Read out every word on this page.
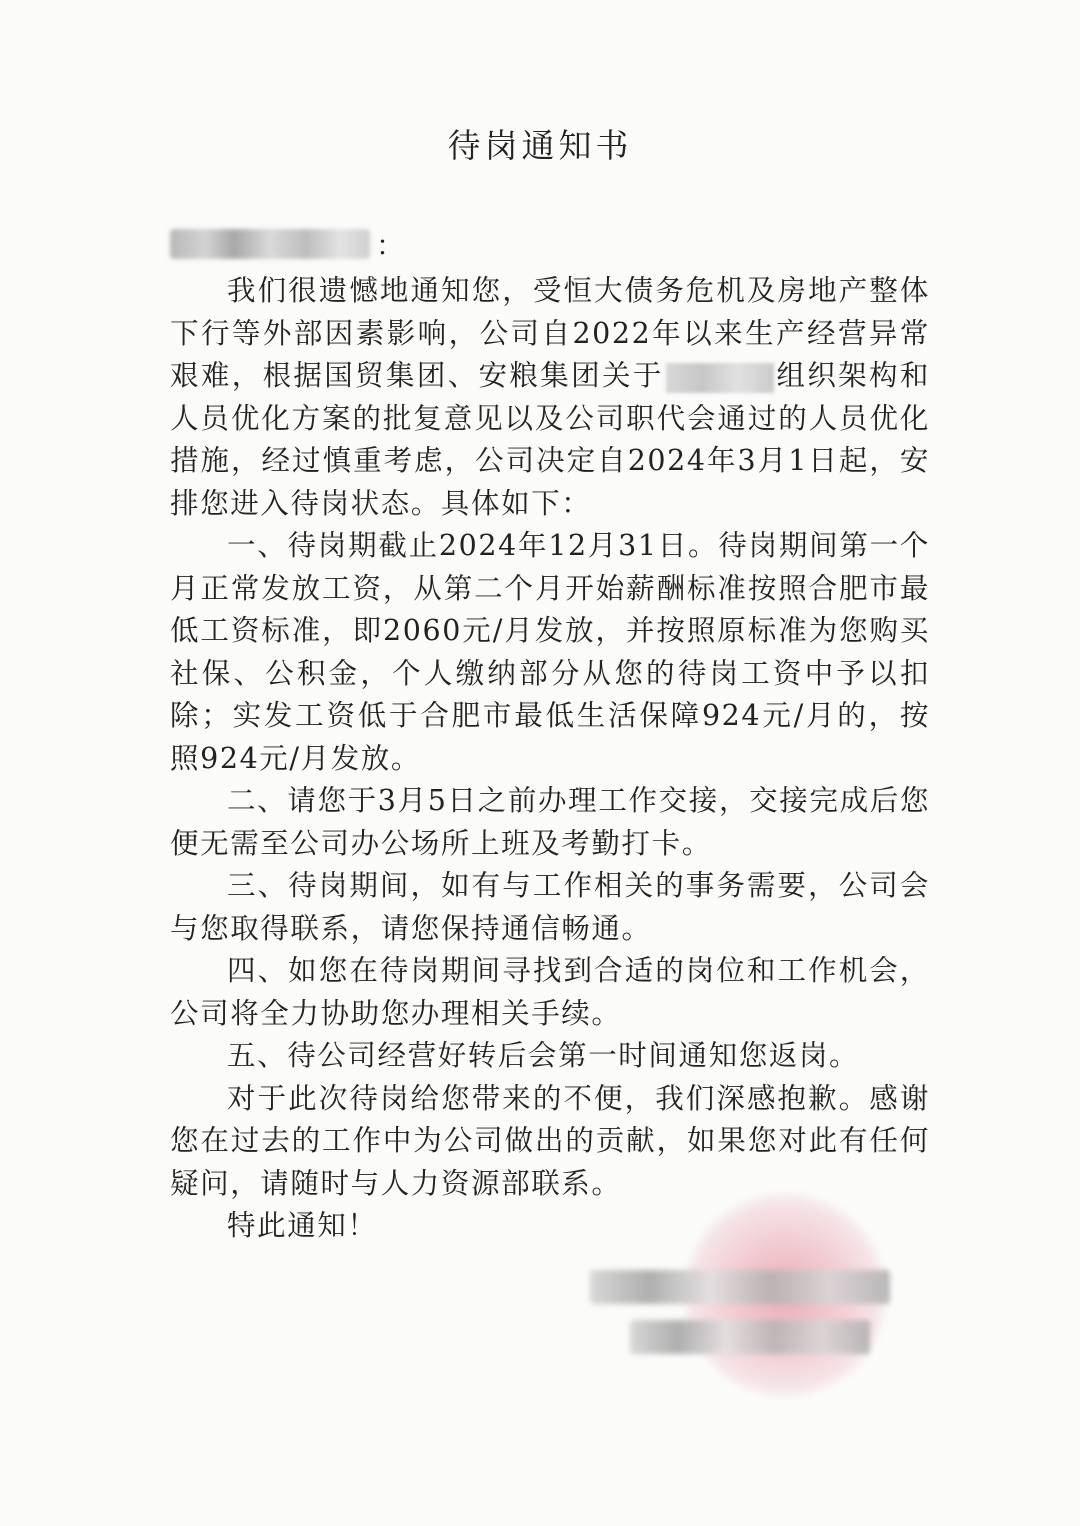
待岗通知书
：

我们很遗憾地通知您，受恒大债务危机及房地产整体下行等外部因素影响，公司自2022年以来生产经营异常艰难，根据国贸集团、安粮集团关于	组织架构和人员优化方案的批复意见以及公司职代会通过的人员优化措施，经过慎重考虑，公司决定自2024年3月1日起，安排您进入待岗状态。具体如下：

一、待岗期截止2024年12月31日。待岗期间第一个月正常发放工资，从第二个月开始薪酬标准按照合肥市最低工资标准，即2060元/月发放，并按照原标准为您购买社保、公积金，个人缴纳部分从您的待岗工资中予以扣除；实发工资低于合肥市最低生活保障924元/月的，按照924元/月发放。

二、请您于3月5日之前办理工作交接，交接完成后您便无需至公司办公场所上班及考勤打卡。

三、待岗期间，如有与工作相关的事务需要，公司会与您取得联系，请您保持通信畅通。

四、如您在待岗期间寻找到合适的岗位和工作机会，公司将全力协助您办理相关手续。

五、待公司经营好转后会第一时间通知您返岗。

对于此次待岗给您带来的不便，我们深感抱歉。感谢您在过去的工作中为公司做出的贡献，如果您对此有任何疑问，请随时与人力资源部联系。

特此通知！
